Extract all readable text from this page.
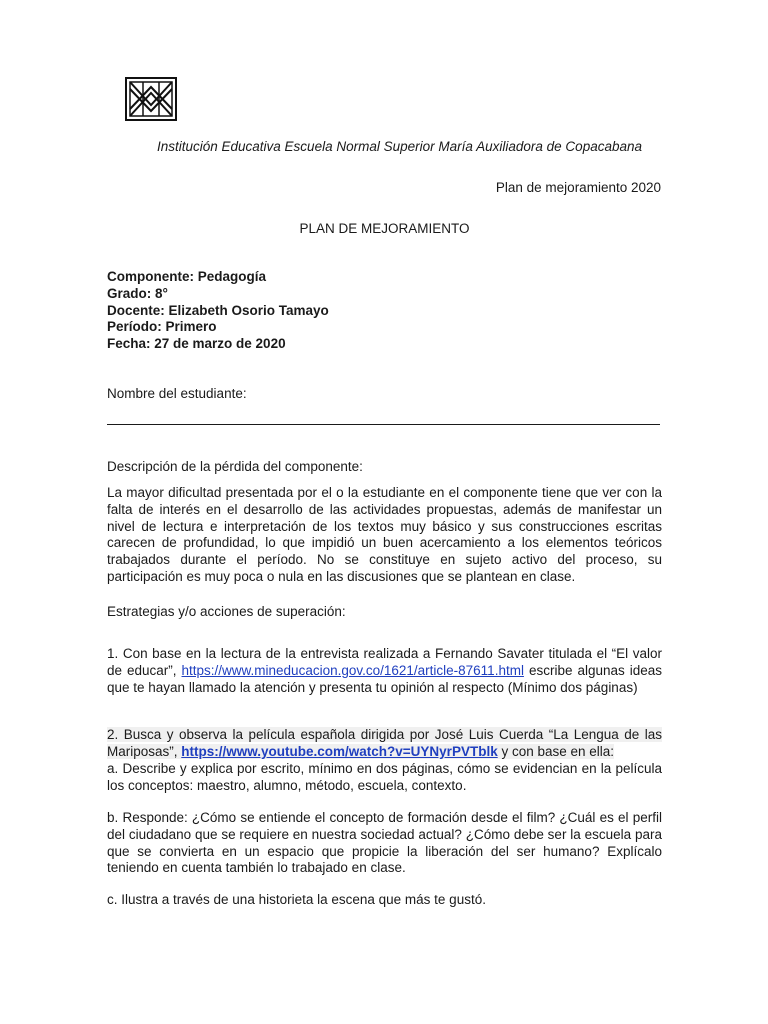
Institución Educativa Escuela Normal Superior María Auxiliadora de Copacabana
Plan de mejoramiento 2020
PLAN DE MEJORAMIENTO
Componente: Pedagogía
Grado: 8°
Docente: Elizabeth Osorio Tamayo
Período: Primero
Fecha: 27 de marzo de 2020
Nombre del estudiante:
Descripción de la pérdida del componente:
La mayor dificultad presentada por el o la estudiante en el componente tiene que ver con la falta de interés en el desarrollo de las actividades propuestas, además de manifestar un nivel de lectura e interpretación de los textos muy básico y sus construcciones escritas carecen de profundidad, lo que impidió un buen acercamiento a los elementos teóricos trabajados durante el período. No se constituye en sujeto activo del proceso, su participación es muy poca o nula en las discusiones que se plantean en clase.
Estrategias y/o acciones de superación:
1. Con base en la lectura de la entrevista realizada a Fernando Savater titulada el “El valor de educar”, https://www.mineducacion.gov.co/1621/article-87611.html escribe algunas ideas que te hayan llamado la atención y presenta tu opinión al respecto (Mínimo dos páginas)
2. Busca y observa la película española dirigida por José Luis Cuerda “La Lengua de las Mariposas”, https://www.youtube.com/watch?v=UYNyrPVTblk y con base en ella:
a. Describe y explica por escrito, mínimo en dos páginas, cómo se evidencian en la película los conceptos: maestro, alumno, método, escuela, contexto.
b. Responde: ¿Cómo se entiende el concepto de formación desde el film? ¿Cuál es el perfil del ciudadano que se requiere en nuestra sociedad actual? ¿Cómo debe ser la escuela para que se convierta en un espacio que propicie la liberación del ser humano? Explícalo teniendo en cuenta también lo trabajado en clase.
c. Ilustra a través de una historieta la escena que más te gustó.
